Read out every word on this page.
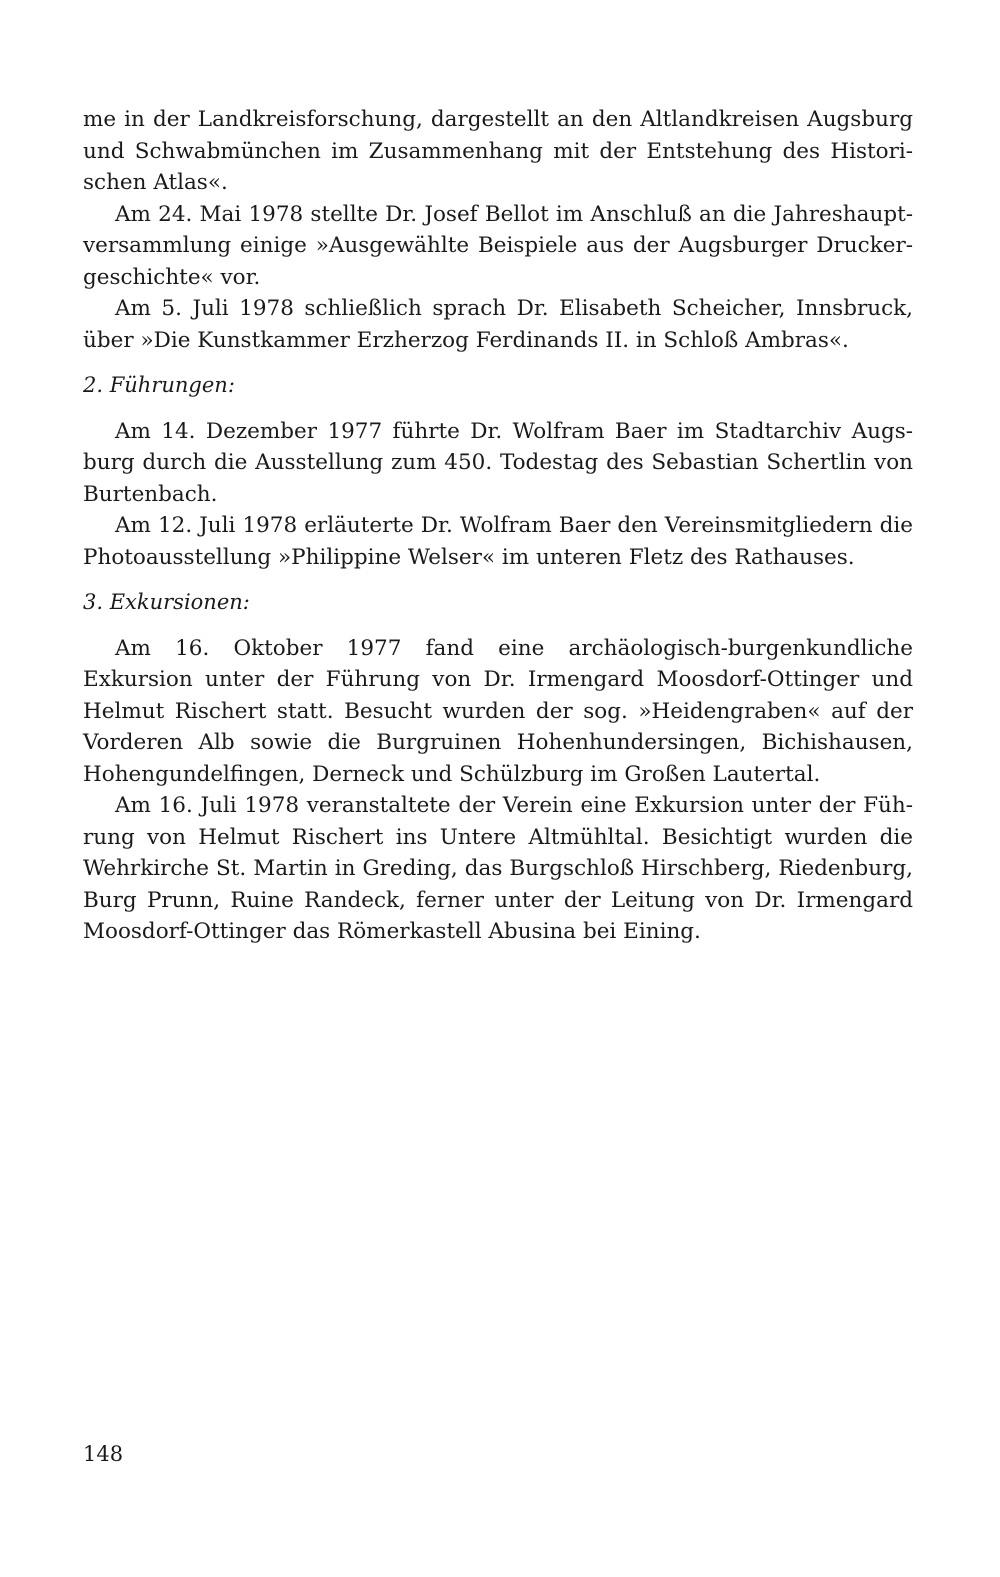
me in der Landkreisforschung, dargestellt an den Altlandkreisen Augsburg und Schwabmünchen im Zusammenhang mit der Entstehung des Historischen Atlas«.

Am 24. Mai 1978 stellte Dr. Josef Bellot im Anschluß an die Jahreshauptversammlung einige »Ausgewählte Beispiele aus der Augsburger Druckergeschichte« vor.

Am 5. Juli 1978 schließlich sprach Dr. Elisabeth Scheicher, Innsbruck, über »Die Kunstkammer Erzherzog Ferdinands II. in Schloß Ambras«.

2. Führungen:

Am 14. Dezember 1977 führte Dr. Wolfram Baer im Stadtarchiv Augsburg durch die Ausstellung zum 450. Todestag des Sebastian Schertlin von Burtenbach.

Am 12. Juli 1978 erläuterte Dr. Wolfram Baer den Vereinsmitgliedern die Photoausstellung »Philippine Welser« im unteren Fletz des Rathauses.

3. Exkursionen:

Am 16. Oktober 1977 fand eine archäologisch-burgenkundliche Exkursion unter der Führung von Dr. Irmengard Moosdorf-Ottinger und Helmut Rischert statt. Besucht wurden der sog. »Heidengraben« auf der Vorderen Alb sowie die Burgruinen Hohenhundersingen, Bichishausen, Hohengundelfingen, Derneck und Schülzburg im Großen Lautertal.

Am 16. Juli 1978 veranstaltete der Verein eine Exkursion unter der Führung von Helmut Rischert ins Untere Altmühltal. Besichtigt wurden die Wehrkirche St. Martin in Greding, das Burgschloß Hirschberg, Riedenburg, Burg Prunn, Ruine Randeck, ferner unter der Leitung von Dr. Irmengard Moosdorf-Ottinger das Römerkastell Abusina bei Eining.

148
